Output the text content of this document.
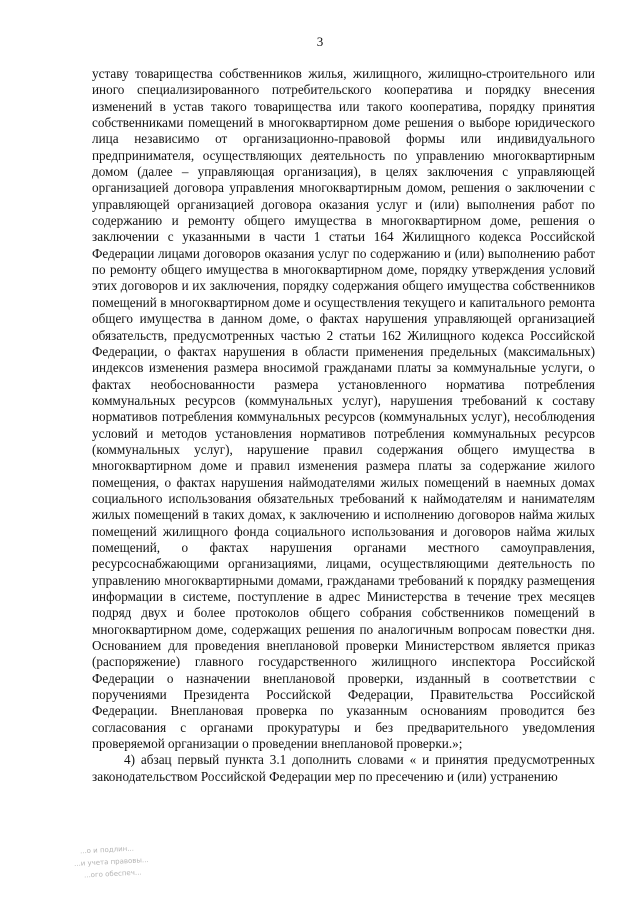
3

уставу товарищества собственников жилья, жилищного, жилищно-строительного или иного специализированного потребительского кооператива и порядку внесения изменений в устав такого товарищества или такого кооператива, порядку принятия собственниками помещений в многоквартирном доме решения о выборе юридического лица независимо от организационно-правовой формы или индивидуального предпринимателя, осуществляющих деятельность по управлению многоквартирным домом (далее – управляющая организация), в целях заключения с управляющей организацией договора управления многоквартирным домом, решения о заключении с управляющей организацией договора оказания услуг и (или) выполнения работ по содержанию и ремонту общего имущества в многоквартирном доме, решения о заключении с указанными в части 1 статьи 164 Жилищного кодекса Российской Федерации лицами договоров оказания услуг по содержанию и (или) выполнению работ по ремонту общего имущества в многоквартирном доме, порядку утверждения условий этих договоров и их заключения, порядку содержания общего имущества собственников помещений в многоквартирном доме и осуществления текущего и капитального ремонта общего имущества в данном доме, о фактах нарушения управляющей организацией обязательств, предусмотренных частью 2 статьи 162 Жилищного кодекса Российской Федерации, о фактах нарушения в области применения предельных (максимальных) индексов изменения размера вносимой гражданами платы за коммунальные услуги, о фактах необоснованности размера установленного норматива потребления коммунальных ресурсов (коммунальных услуг), нарушения требований к составу нормативов потребления коммунальных ресурсов (коммунальных услуг), несоблюдения условий и методов установления нормативов потребления коммунальных ресурсов (коммунальных услуг), нарушение правил содержания общего имущества в многоквартирном доме и правил изменения размера платы за содержание жилого помещения, о фактах нарушения наймодателями жилых помещений в наемных домах социального использования обязательных требований к наймодателям и нанимателям жилых помещений в таких домах, к заключению и исполнению договоров найма жилых помещений жилищного фонда социального использования и договоров найма жилых помещений, о фактах нарушения органами местного самоуправления, ресурсоснабжающими организациями, лицами, осуществляющими деятельность по управлению многоквартирными домами, гражданами требований к порядку размещения информации в системе, поступление в адрес Министерства в течение трех месяцев подряд двух и более протоколов общего собрания собственников помещений в многоквартирном доме, содержащих решения по аналогичным вопросам повестки дня. Основанием для проведения внеплановой проверки Министерством является приказ (распоряжение) главного государственного жилищного инспектора Российской Федерации о назначении внеплановой проверки, изданный в соответствии с поручениями Президента Российской Федерации, Правительства Российской Федерации. Внеплановая проверка по указанным основаниям проводится без согласования с органами прокуратуры и без предварительного уведомления проверяемой организации о проведении внеплановой проверки.»;

4) абзац первый пункта 3.1 дополнить словами « и принятия предусмотренных законодательством Российской Федерации мер по пресечению и (или) устранению

...о и подлин...
...и учета правовы...
...ого обеспеч...
